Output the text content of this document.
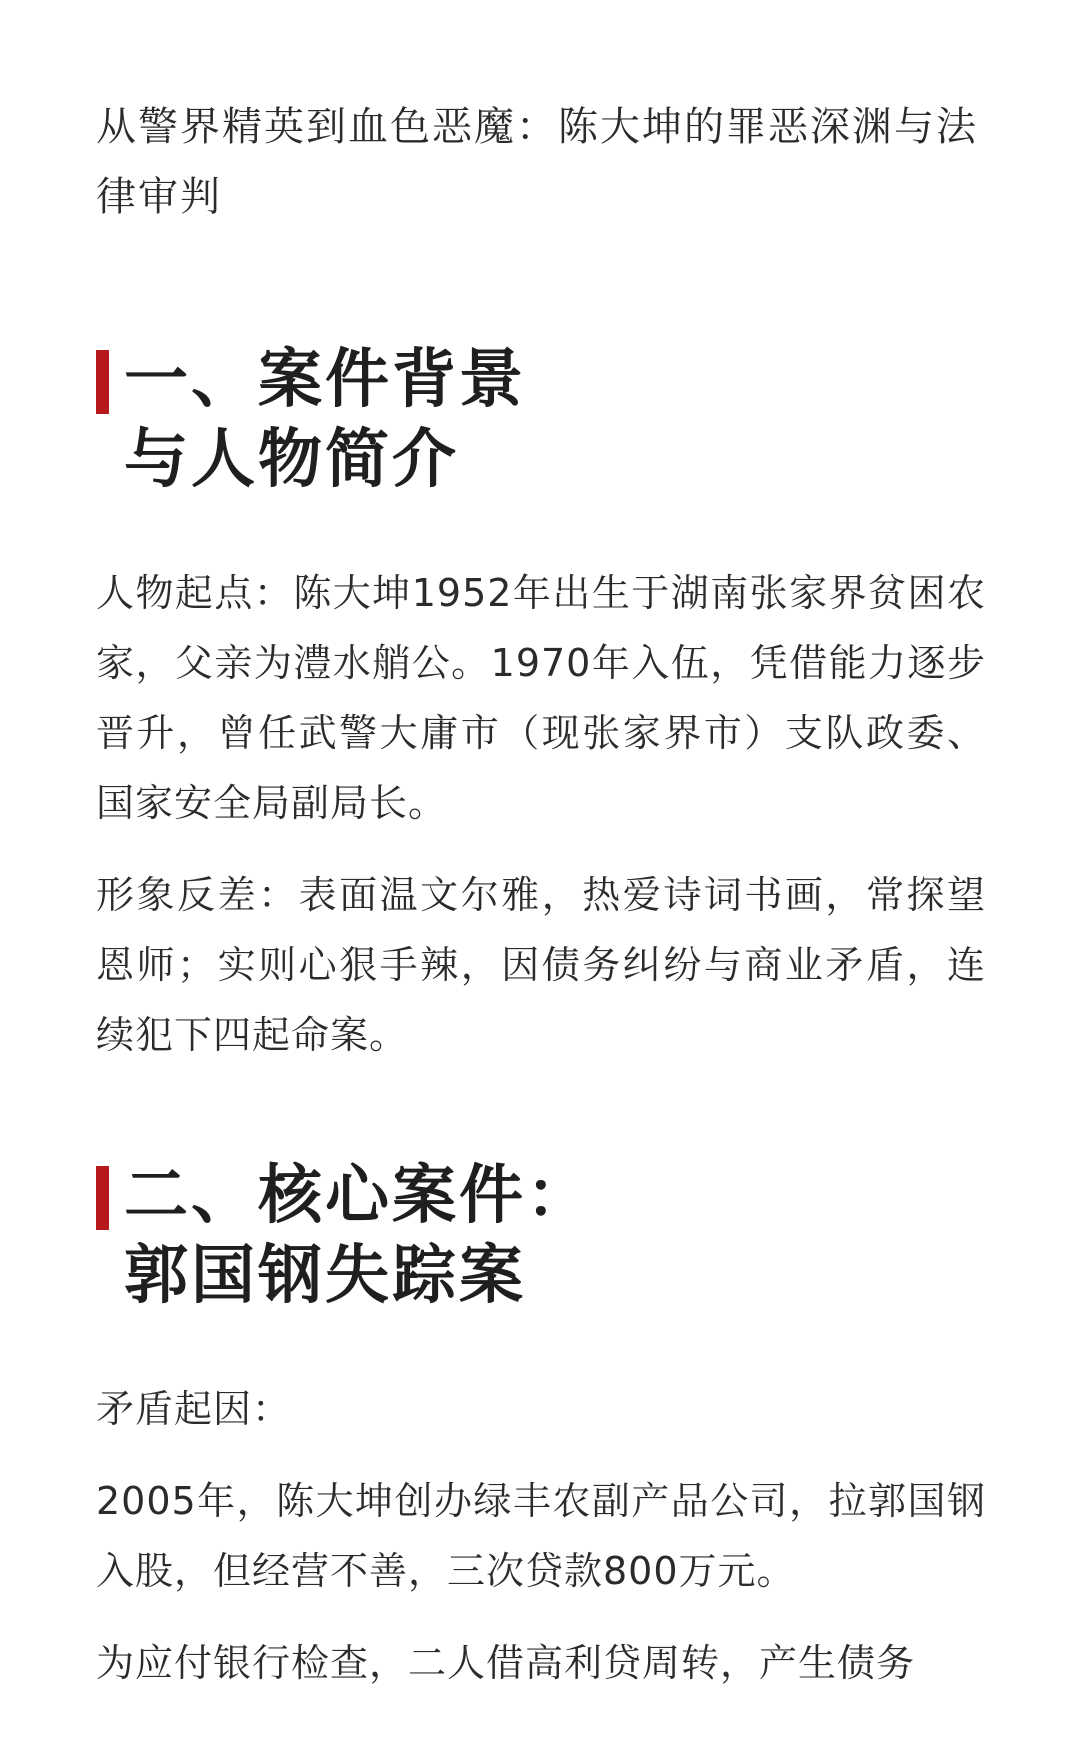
从警界精英到血色恶魔：陈大坤的罪恶深渊与法律审判
一、案件背景
与人物简介

人物起点：陈大坤1952年出生于湖南张家界贫困农家，父亲为澧水艄公。1970年入伍，凭借能力逐步晋升，曾任武警大庸市（现张家界市）支队政委、国家安全局副局长。

形象反差：表面温文尔雅，热爱诗词书画，常探望恩师；实则心狠手辣，因债务纠纷与商业矛盾，连续犯下四起命案。

二、核心案件：
郭国钢失踪案

矛盾起因：

2005年，陈大坤创办绿丰农副产品公司，拉郭国钢入股，但经营不善，三次贷款800万元。

为应付银行检查，二人借高利贷周转，产生债务
